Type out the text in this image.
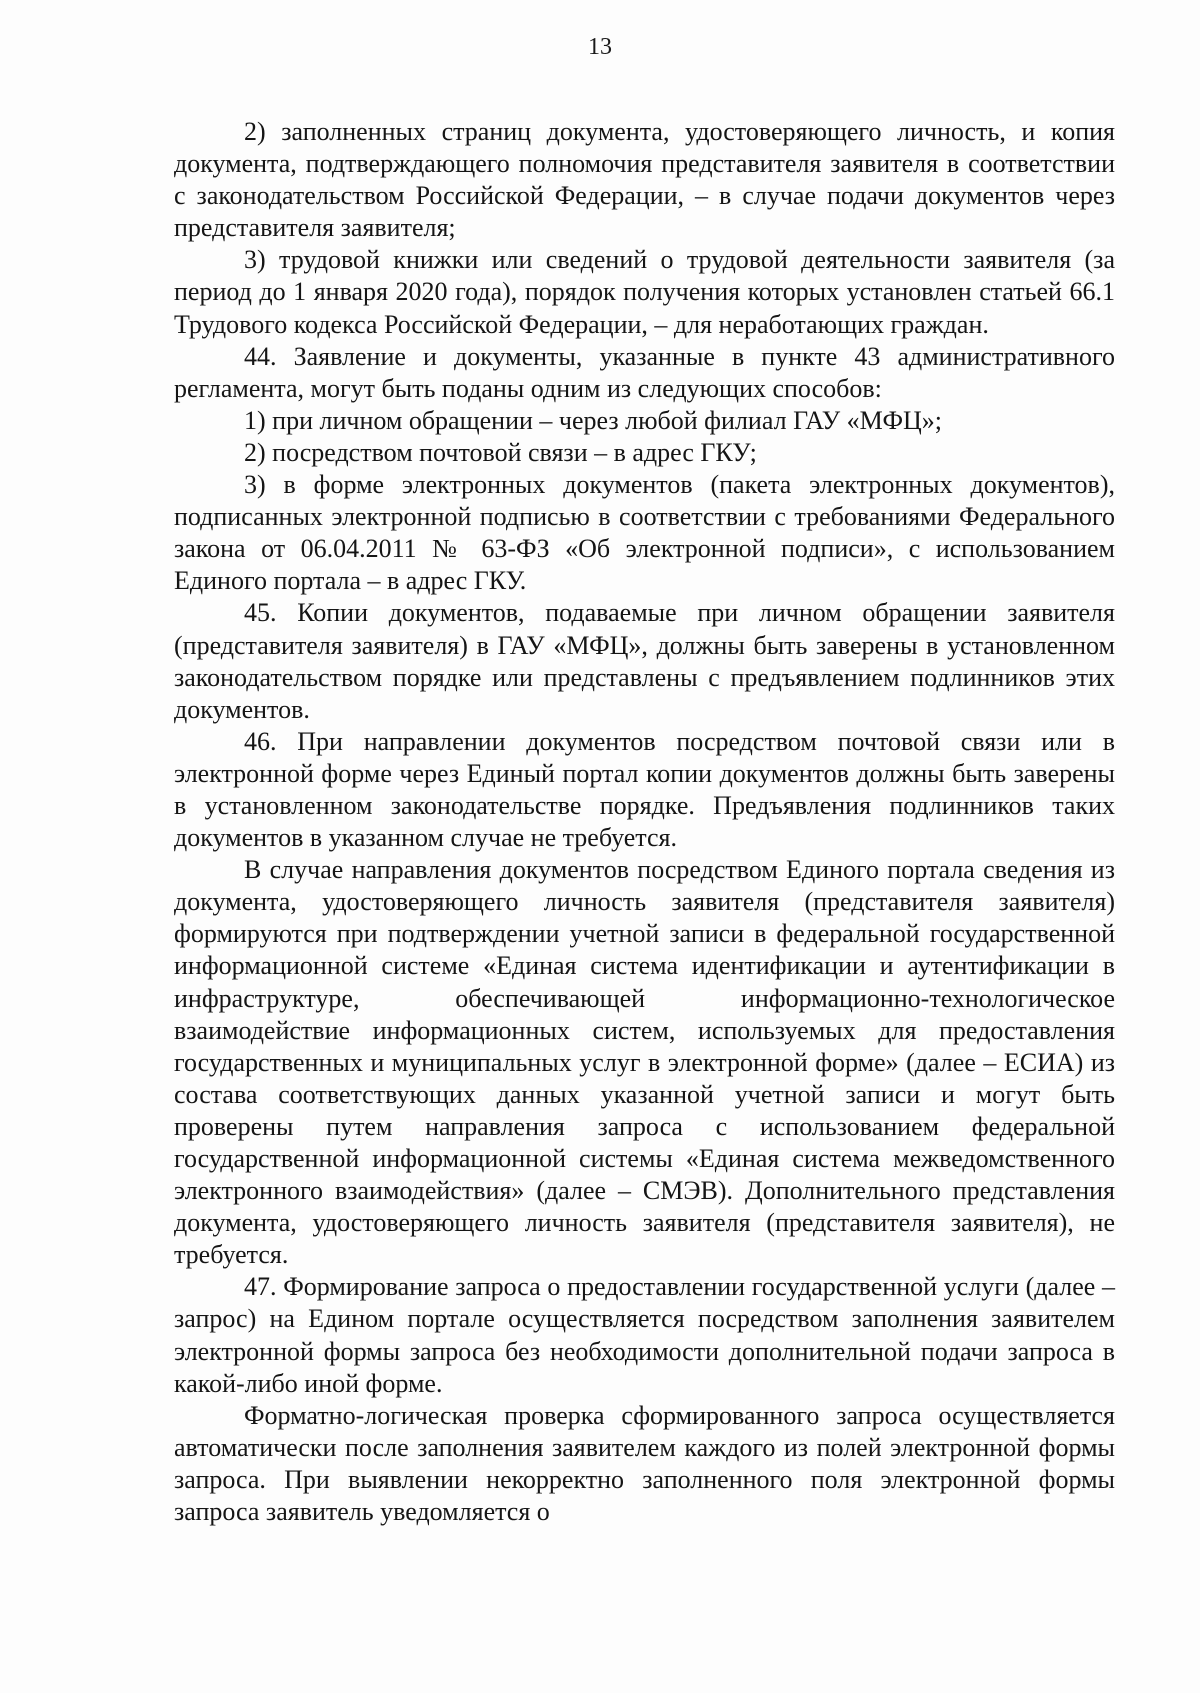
13

2) заполненных страниц документа, удостоверяющего личность, и копия документа, подтверждающего полномочия представителя заявителя в соответствии с законодательством Российской Федерации, – в случае подачи документов через представителя заявителя;

3) трудовой книжки или сведений о трудовой деятельности заявителя (за период до 1 января 2020 года), порядок получения которых установлен статьей 66.1 Трудового кодекса Российской Федерации, – для неработающих граждан.

44. Заявление и документы, указанные в пункте 43 административного регламента, могут быть поданы одним из следующих способов:

1) при личном обращении – через любой филиал ГАУ «МФЦ»;

2) посредством почтовой связи – в адрес ГКУ;

3) в форме электронных документов (пакета электронных документов), подписанных электронной подписью в соответствии с требованиями Федерального закона от 06.04.2011 № 63-ФЗ «Об электронной подписи», с использованием Единого портала – в адрес ГКУ.

45. Копии документов, подаваемые при личном обращении заявителя (представителя заявителя) в ГАУ «МФЦ», должны быть заверены в установленном законодательством порядке или представлены с предъявлением подлинников этих документов.

46. При направлении документов посредством почтовой связи или в электронной форме через Единый портал копии документов должны быть заверены в установленном законодательстве порядке. Предъявления подлинников таких документов в указанном случае не требуется.

В случае направления документов посредством Единого портала сведения из документа, удостоверяющего личность заявителя (представителя заявителя) формируются при подтверждении учетной записи в федеральной государственной информационной системе «Единая система идентификации и аутентификации в инфраструктуре, обеспечивающей информационно-технологическое взаимодействие информационных систем, используемых для предоставления государственных и муниципальных услуг в электронной форме» (далее – ЕСИА) из состава соответствующих данных указанной учетной записи и могут быть проверены путем направления запроса с использованием федеральной государственной информационной системы «Единая система межведомственного электронного взаимодействия» (далее – СМЭВ). Дополнительного представления документа, удостоверяющего личность заявителя (представителя заявителя), не требуется.

47. Формирование запроса о предоставлении государственной услуги (далее – запрос) на Едином портале осуществляется посредством заполнения заявителем электронной формы запроса без необходимости дополнительной подачи запроса в какой-либо иной форме.

Форматно-логическая проверка сформированного запроса осуществляется автоматически после заполнения заявителем каждого из полей электронной формы запроса. При выявлении некорректно заполненного поля электронной формы запроса заявитель уведомляется о
